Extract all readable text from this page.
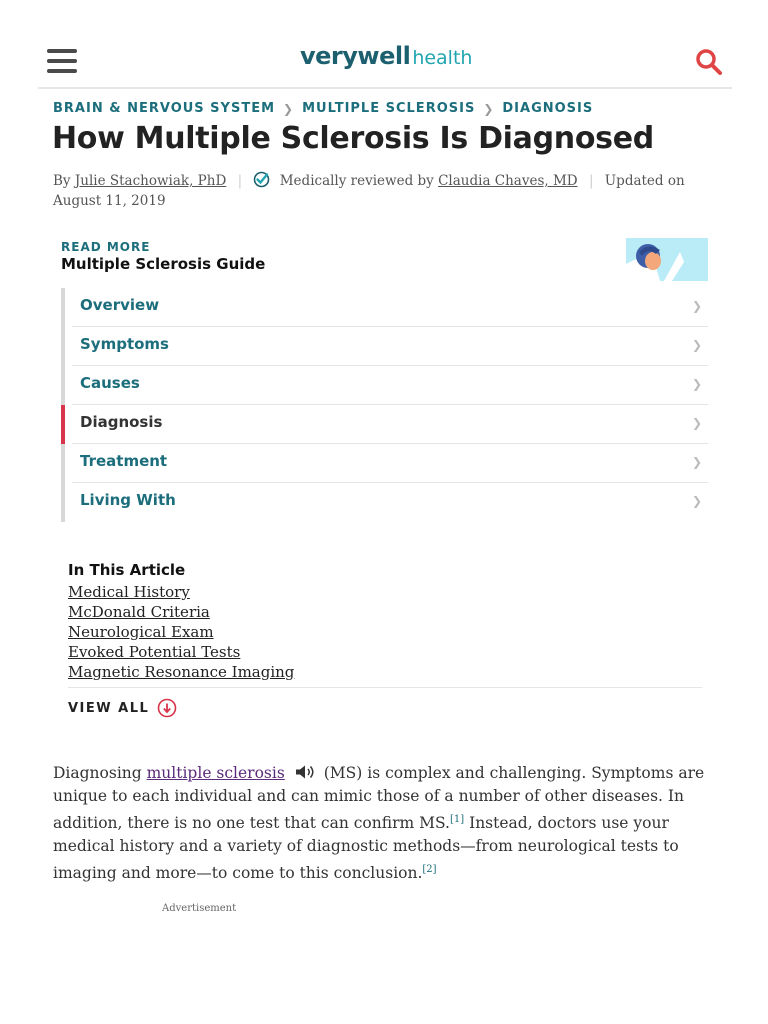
verywell health
BRAIN & NERVOUS SYSTEM ❯ MULTIPLE SCLEROSIS ❯ DIAGNOSIS
How Multiple Sclerosis Is Diagnosed
By Julie Stachowiak, PhD |	Medically reviewed by Claudia Chaves, MD | Updated on August 11, 2019
READ MORE
Multiple Sclerosis Guide
Overview	❯
Symptoms	❯
Causes	❯
Diagnosis	❯
Treatment	❯
Living With	❯
In This Article
Medical History
McDonald Criteria
Neurological Exam
Evoked Potential Tests
Magnetic Resonance Imaging
VIEW ALL

Diagnosing multiple sclerosis (MS) is complex and challenging. Symptoms are unique to each individual and can mimic those of a number of other diseases. In addition, there is no one test that can confirm MS.[1] Instead, doctors use your medical history and a variety of diagnostic methods—from neurological tests to imaging and more—to come to this conclusion.[2]

Advertisement
